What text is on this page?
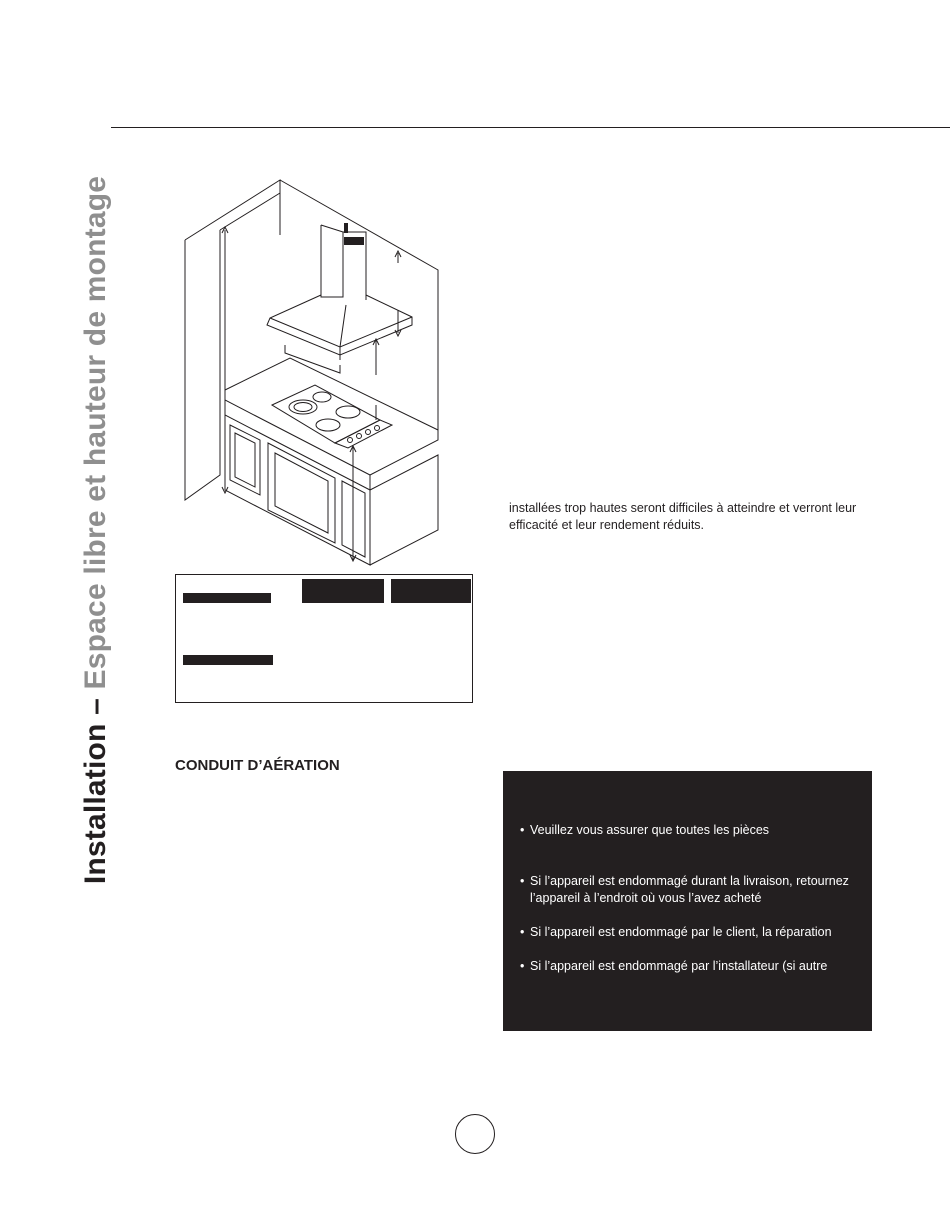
Installation – Espace libre et hauteur de montage	installées trop hautes seront difficiles à atteindre et verront leur efficacité et leur rendement réduits.

CONDUIT D’AÉRATION
• Veuillez vous assurer que toutes les pièces
• Si l’appareil est endommagé durant la livraison, retournez l’appareil à l’endroit où vous l’avez acheté
• Si l’appareil est endommagé par le client, la réparation
• Si l’appareil est endommagé par l’installateur (si autre
